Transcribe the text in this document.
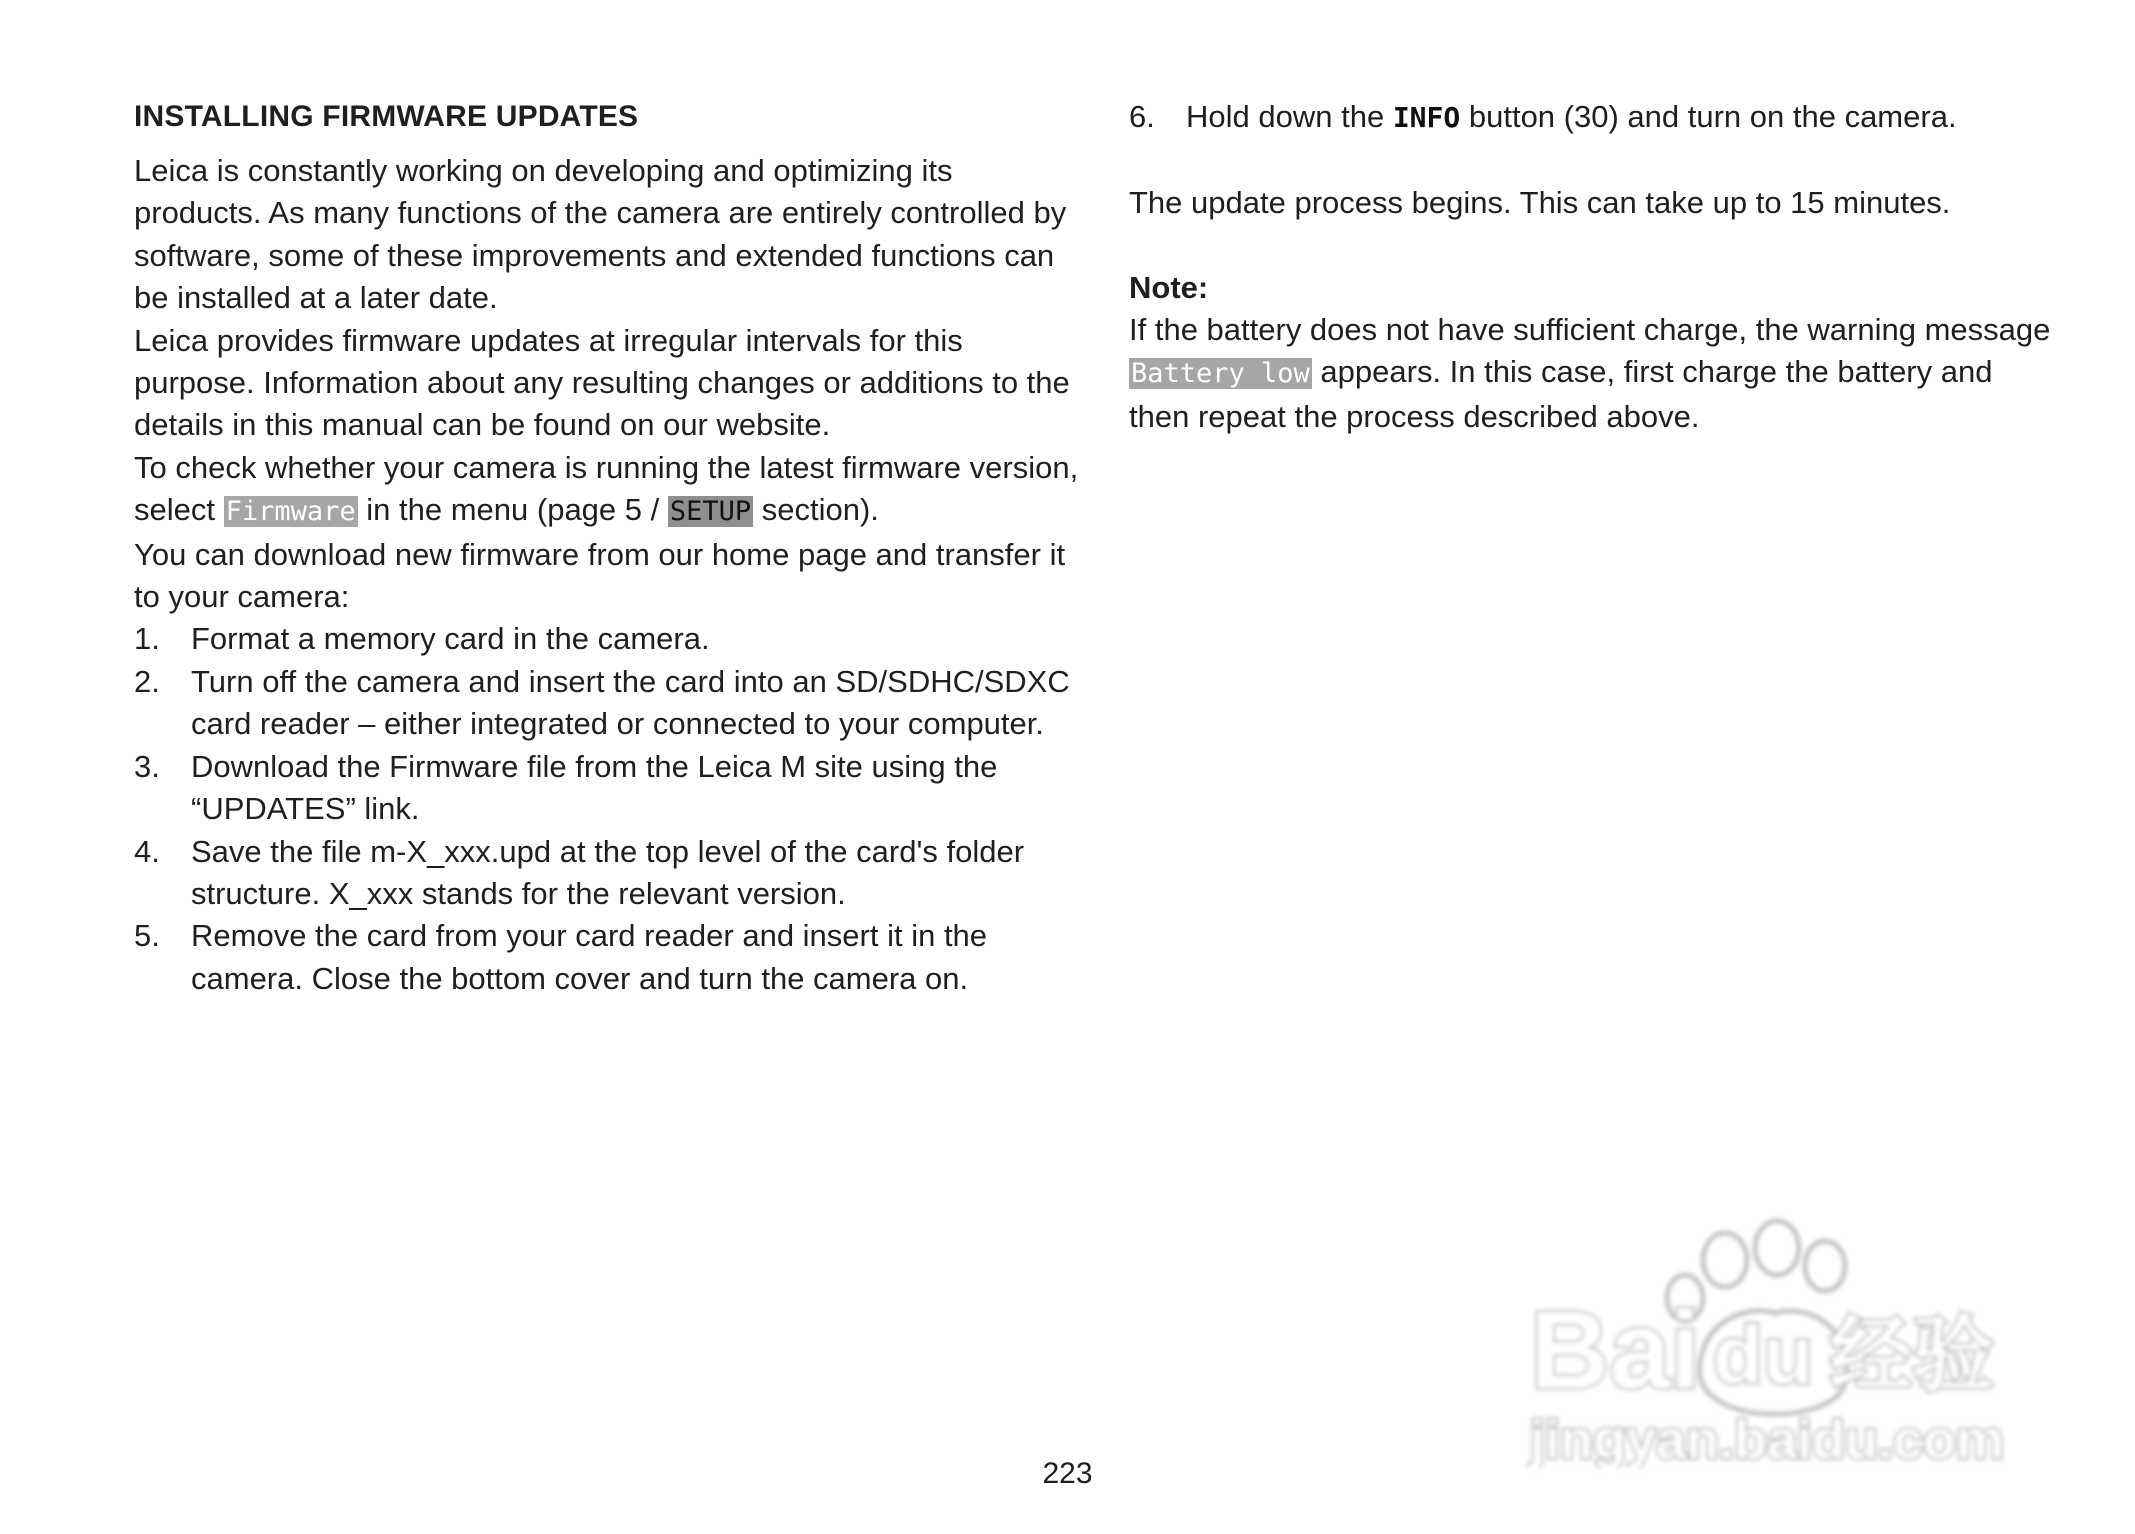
INSTALLING FIRMWARE UPDATES

Leica is constantly working on developing and optimizing its products. As many functions of the camera are entirely controlled by software, some of these improvements and extended functions can be installed at a later date.

Leica provides firmware updates at irregular intervals for this purpose. Information about any resulting changes or additions to the details in this manual can be found on our website.

To check whether your camera is running the latest firmware version, select Firmware in the menu (page 5 / SETUP section).

You can download new firmware from our home page and transfer it to your camera:

1. Format a memory card in the camera.
2. Turn off the camera and insert the card into an SD/SDHC/SDXC card reader – either integrated or connected to your computer.
3. Download the Firmware file from the Leica M site using the “UPDATES” link.
4. Save the file m-X_xxx.upd at the top level of the card's folder structure. X_xxx stands for the relevant version.
5. Remove the card from your card reader and insert it in the camera. Close the bottom cover and turn the camera on.
6. Hold down the INFO button (30) and turn on the camera.

The update process begins. This can take up to 15 minutes.

Note:

If the battery does not have sufficient charge, the warning message Battery low appears. In this case, first charge the battery and then repeat the process described above.

223
Ba i du 经验
jingyan.baidu.com
